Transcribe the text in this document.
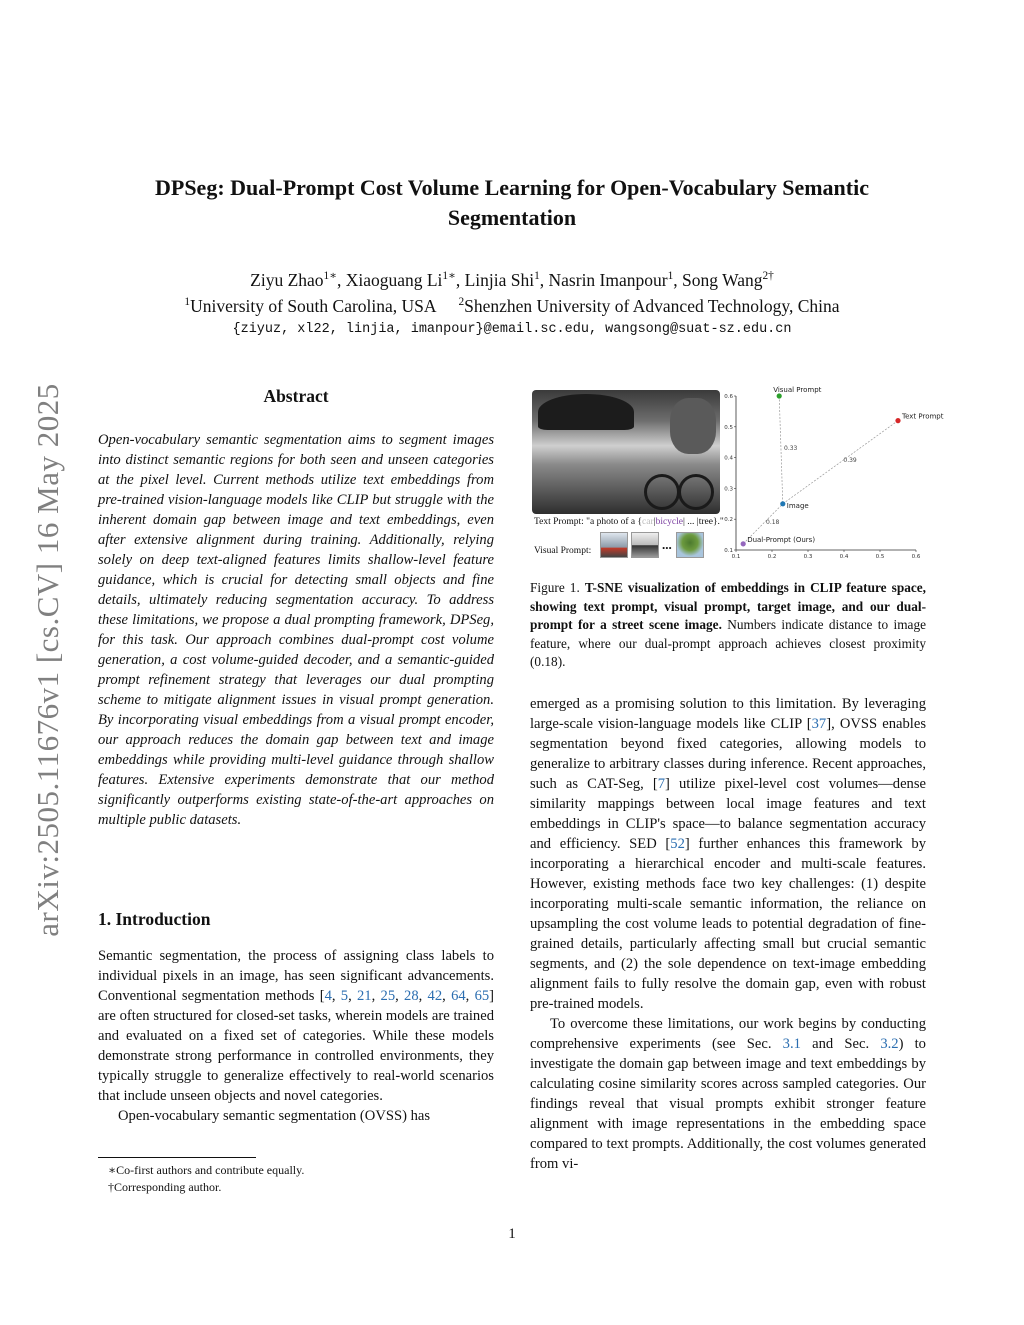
arXiv:2505.11676v1 [cs.CV] 16 May 2025
DPSeg: Dual-Prompt Cost Volume Learning for Open-Vocabulary Semantic
Segmentation
Ziyu Zhao$^{1∗}$, Xiaoguang $Li^{1∗}$, Linjia Shi$^1$, Nasrin Imanpour$^1$, Song Wang$^{2\dagger}$
$^1$University of South Carolina, USA $^2$Shenzhen University of Advanced Technology, China
{ziyuz, xl22, linjia, imanpour}@email.sc.edu, wangsong@suat-sz.edu.cn
Abstract
Open-vocabulary semantic segmentation aims to segment images into distinct semantic regions for both seen and unseen categories at the pixel level. Current methods utilize text embeddings from pre-trained vision-language models like CLIP but struggle with the inherent domain gap between image and text embeddings, even after extensive alignment during training. Additionally, relying solely on deep text-aligned features limits shallow-level feature guidance, which is crucial for detecting small objects and fine details, ultimately reducing segmentation accuracy. To address these limitations, we propose a dual prompting framework, DPSeg, for this task. Our approach combines dual-prompt cost volume generation, a cost volume-guided decoder, and a semantic-guided prompt refinement strategy that leverages our dual prompting scheme to mitigate alignment issues in visual prompt generation. By incorporating visual embeddings from a visual prompt encoder, our approach reduces the domain gap between text and image embeddings while providing multi-level guidance through shallow features. Extensive experiments demonstrate that our method significantly outperforms existing state-of-the-art approaches on multiple public datasets.
1. Introduction

Semantic segmentation, the process of assigning class labels to individual pixels in an image, has seen significant advancements. Conventional segmentation methods [4, 5, 21, 25, 28, 42, 64, 65] are often structured for closed-set tasks, wherein models are trained and evaluated on a fixed set of categories. While these models demonstrate strong performance in controlled environments, they typically struggle to generalize effectively to real-world scenarios that include unseen objects and novel categories.

Open-vocabulary semantic segmentation (OVSS) has

∗Co-first authors and contribute equally.
†Corresponding author.
Text Prompt: "a photo of a {car|bicycle| ... |tree}."
Visual Prompt:	...
0.1	0.2	0.3	0.4	0.5	0.6
0.1
0.2
0.3
0.4
0.5
0.6
0.33
0.39
0.18
Visual Prompt
Text Prompt
Image
Dual-Prompt (Ours)
Figure 1. T-SNE visualization of embeddings in CLIP feature space, showing text prompt, visual prompt, target image, and our dual-prompt for a street scene image. Numbers indicate distance to image feature, where our dual-prompt approach achieves closest proximity (0.18).

emerged as a promising solution to this limitation. By leveraging large-scale vision-language models like CLIP [37], OVSS enables segmentation beyond fixed categories, allowing models to generalize to arbitrary classes during inference. Recent approaches, such as CAT-Seg, [7] utilize pixel-level cost volumes—dense similarity mappings between local image features and text embeddings in CLIP's space—to balance segmentation accuracy and efficiency. SED [52] further enhances this framework by incorporating a hierarchical encoder and multi-scale features. However, existing methods face two key challenges: (1) despite incorporating multi-scale semantic information, the reliance on upsampling the cost volume leads to potential degradation of fine-grained details, particularly affecting small but crucial semantic segments, and (2) the sole dependence on text-image embedding alignment fails to fully resolve the domain gap, even with robust pre-trained models.

To overcome these limitations, our work begins by conducting comprehensive experiments (see Sec. 3.1 and Sec. 3.2) to investigate the domain gap between image and text embeddings by calculating cosine similarity scores across sampled categories. Our findings reveal that visual prompts exhibit stronger feature alignment with image representations in the embedding space compared to text prompts. Additionally, the cost volumes generated from vi-

1
